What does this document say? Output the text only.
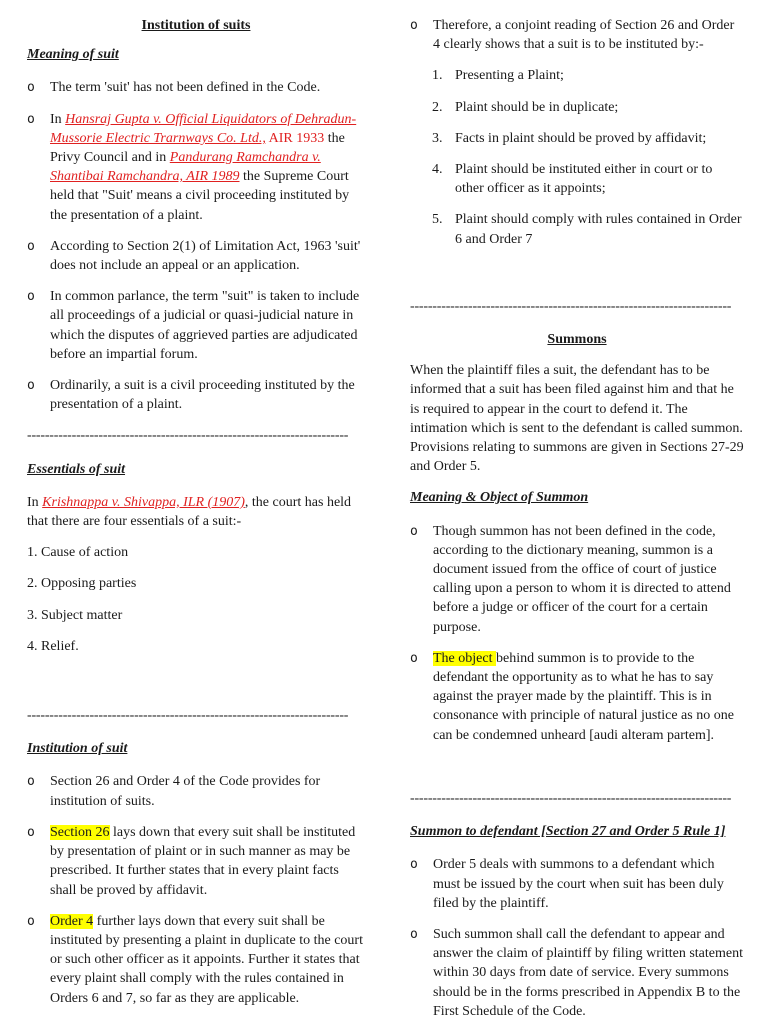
Institution of suits
Meaning of suit
o The term 'suit' has not been defined in the Code.
o In Hansraj Gupta v. Official Liquidators of Dehradun-Mussorie Electric Trarnways Co. Ltd., AIR 1933 the Privy Council and in Pandurang Ramchandra v. Shantibai Ramchandra, AIR 1989 the Supreme Court held that "Suit' means a civil proceeding instituted by the presentation of a plaint.
o According to Section 2(1) of Limitation Act, 1963 'suit' does not include an appeal or an application.
o In common parlance, the term "suit" is taken to include all proceedings of a judicial or quasi-judicial nature in which the disputes of aggrieved parties are adjudicated before an impartial forum.
o Ordinarily, a suit is a civil proceeding instituted by the presentation of a plaint.
------------------------------------------------------------------------
Essentials of suit
In Krishnappa v. Shivappa, ILR (1907), the court has held that there are four essentials of a suit:-
1. Cause of action
2. Opposing parties
3. Subject matter
4. Relief.
------------------------------------------------------------------------
Institution of suit
o Section 26 and Order 4 of the Code provides for institution of suits.
o Section 26 lays down that every suit shall be instituted by presentation of plaint or in such manner as may be prescribed. It further states that in every plaint facts shall be proved by affidavit.
o Order 4 further lays down that every suit shall be instituted by presenting a plaint in duplicate to the court or such other officer as it appoints. Further it states that every plaint shall comply with the rules contained in Orders 6 and 7, so far as they are applicable.
o Therefore, a conjoint reading of Section 26 and Order 4 clearly shows that a suit is to be instituted by:-
1. Presenting a Plaint;
2. Plaint should be in duplicate;
3. Facts in plaint should be proved by affidavit;
4. Plaint should be instituted either in court or to other officer as it appoints;
5. Plaint should comply with rules contained in Order 6 and Order 7
------------------------------------------------------------------------
Summons
When the plaintiff files a suit, the defendant has to be informed that a suit has been filed against him and that he is required to appear in the court to defend it. The intimation which is sent to the defendant is called summon. Provisions relating to summons are given in Sections 27-29 and Order 5.
Meaning & Object of Summon
o Though summon has not been defined in the code, according to the dictionary meaning, summon is a document issued from the office of court of justice calling upon a person to whom it is directed to attend before a judge or officer of the court for a certain purpose.
o The object behind summon is to provide to the defendant the opportunity as to what he has to say against the prayer made by the plaintiff. This is in consonance with principle of natural justice as no one can be condemned unheard [audi alteram partem].
------------------------------------------------------------------------
Summon to defendant [Section 27 and Order 5 Rule 1]
o Order 5 deals with summons to a defendant which must be issued by the court when suit has been duly filed by the plaintiff.
o Such summon shall call the defendant to appear and answer the claim of plaintiff by filing written statement within 30 days from date of service. Every summons should be in the forms prescribed in Appendix B to the First Schedule of the Code.
